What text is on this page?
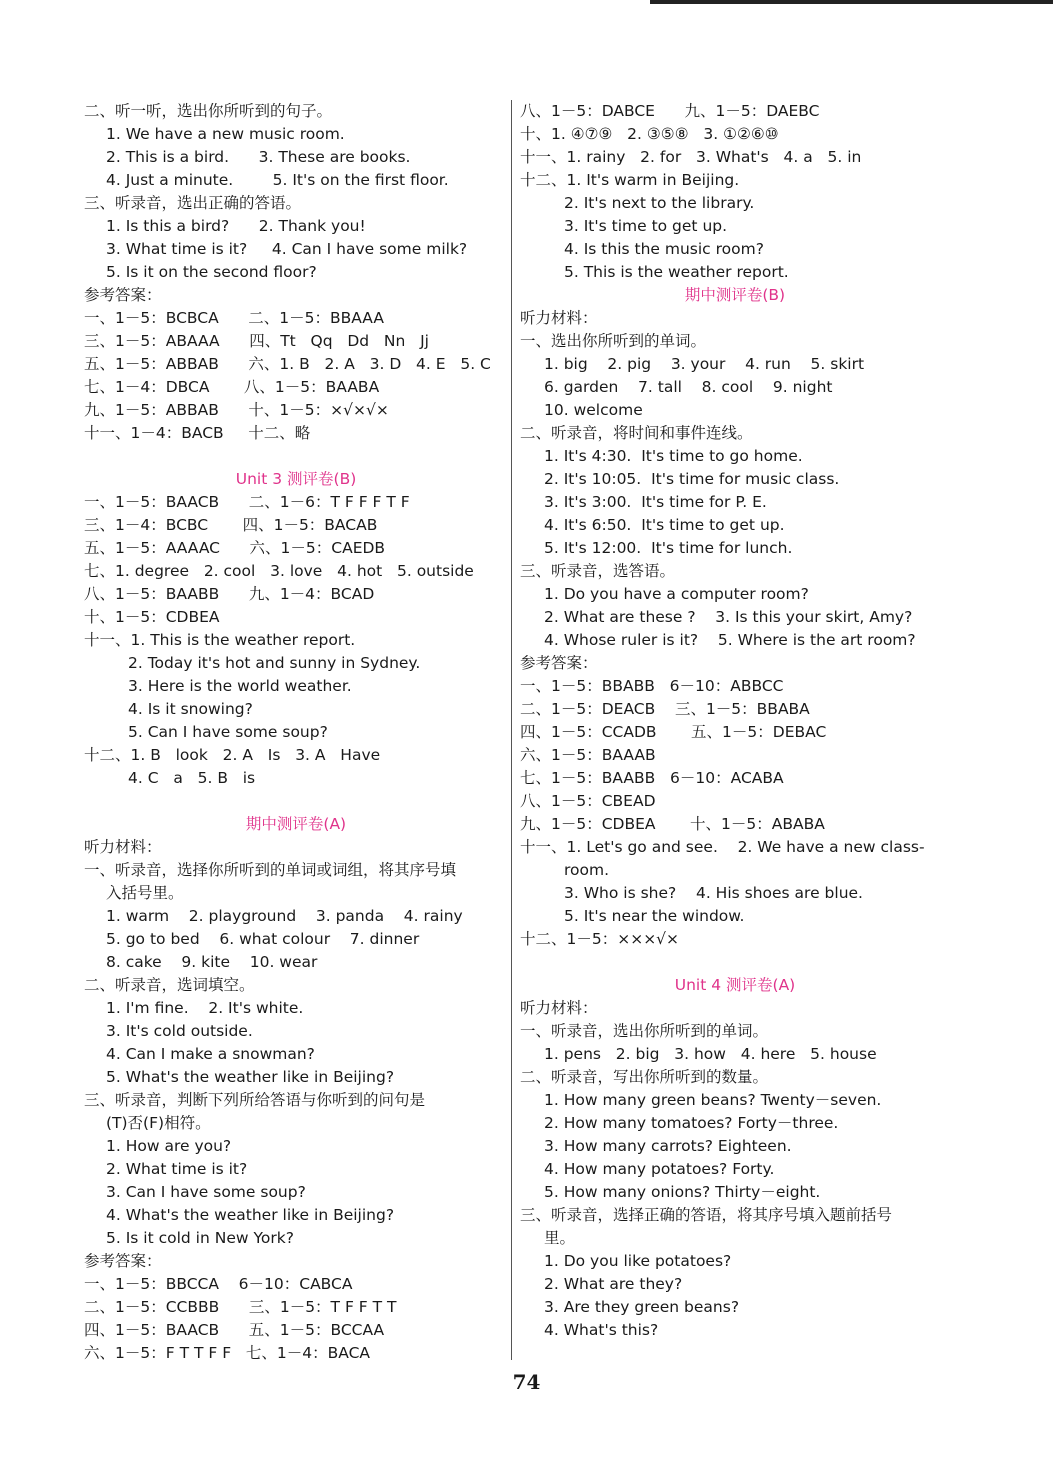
二、听一听，选出你所听到的句子。
1. We have a new music room.
2. This is a bird.      3. These are books.
4. Just a minute.        5. It's on the first floor.
三、听录音，选出正确的答语。
1. Is this a bird?      2. Thank you!
3. What time is it?     4. Can I have some milk?
5. Is it on the second floor?
参考答案：
一、1－5：BCBCA      二、1－5：BBAAA
三、1－5：ABAAA      四、Tt   Qq   Dd   Nn   Jj
五、1－5：ABBAB      六、1. B   2. A   3. D   4. E   5. C
七、1－4：DBCA       八、1－5：BAABA
九、1－5：ABBAB      十、1－5：×√×√×
十一、1－4：BACB     十二、略
Unit 3 测评卷(B)
一、1－5：BAACB      二、1－6：T F F F T F
三、1－4：BCBC       四、1－5：BACAB
五、1－5：AAAAC      六、1－5：CAEDB
七、1. degree   2. cool   3. love   4. hot   5. outside
八、1－5：BAABB      九、1－4：BCAD
十、1－5：CDBEA
十一、1. This is the weather report.
2. Today it's hot and sunny in Sydney.
3. Here is the world weather.
4. Is it snowing?
5. Can I have some soup?
十二、1. B   look   2. A   Is   3. A   Have
4. C   a   5. B   is
期中测评卷(A)
听力材料：
一、听录音，选择你所听到的单词或词组，将其序号填
入括号里。
1. warm    2. playground    3. panda    4. rainy
5. go to bed    6. what colour    7. dinner
8. cake    9. kite    10. wear
二、听录音，选词填空。
1. I'm fine.    2. It's white.
3. It's cold outside.
4. Can I make a snowman?
5. What's the weather like in Beijing?
三、听录音，判断下列所给答语与你听到的问句是
(T)否(F)相符。
1. How are you?
2. What time is it?
3. Can I have some soup?
4. What's the weather like in Beijing?
5. Is it cold in New York?
参考答案：
一、1－5：BBCCA    6－10：CABCA
二、1－5：CCBBB      三、1－5：T F F T T
四、1－5：BAACB      五、1－5：BCCAA
六、1－5：F T T F F   七、1－4：BACA
八、1－5：DABCE      九、1－5：DAEBC
十、1. ④⑦⑨   2. ③⑤⑧   3. ①②⑥⑩
十一、1. rainy   2. for   3. What's   4. a   5. in
十二、1. It's warm in Beijing.
2. It's next to the library.
3. It's time to get up.
4. Is this the music room?
5. This is the weather report.
期中测评卷(B)
听力材料：
一、选出你所听到的单词。
1. big    2. pig    3. your    4. run    5. skirt
6. garden    7. tall    8. cool    9. night
10. welcome
二、听录音，将时间和事件连线。
1. It's 4:30.  It's time to go home.
2. It's 10:05.  It's time for music class.
3. It's 3:00.  It's time for P. E.
4. It's 6:50.  It's time to get up.
5. It's 12:00.  It's time for lunch.
三、听录音，选答语。
1. Do you have a computer room?
2. What are these ?    3. Is this your skirt, Amy?
4. Whose ruler is it?    5. Where is the art room?
参考答案：
一、1－5：BBABB   6－10：ABBCC
二、1－5：DEACB    三、1－5：BBABA
四、1－5：CCADB       五、1－5：DEBAC
六、1－5：BAAAB
七、1－5：BAABB   6－10：ACABA
八、1－5：CBEAD
九、1－5：CDBEA       十、1－5：ABABA
十一、1. Let's go and see.    2. We have a new class-
room.
3. Who is she?    4. His shoes are blue.
5. It's near the window.
十二、1－5：×××√×
Unit 4 测评卷(A)
听力材料：
一、听录音，选出你所听到的单词。
1. pens   2. big   3. how   4. here   5. house
二、听录音，写出你所听到的数量。
1. How many green beans? Twenty－seven.
2. How many tomatoes? Forty－three.
3. How many carrots? Eighteen.
4. How many potatoes? Forty.
5. How many onions? Thirty－eight.
三、听录音，选择正确的答语，将其序号填入题前括号
里。
1. Do you like potatoes?
2. What are they?
3. Are they green beans?
4. What's this?
74
